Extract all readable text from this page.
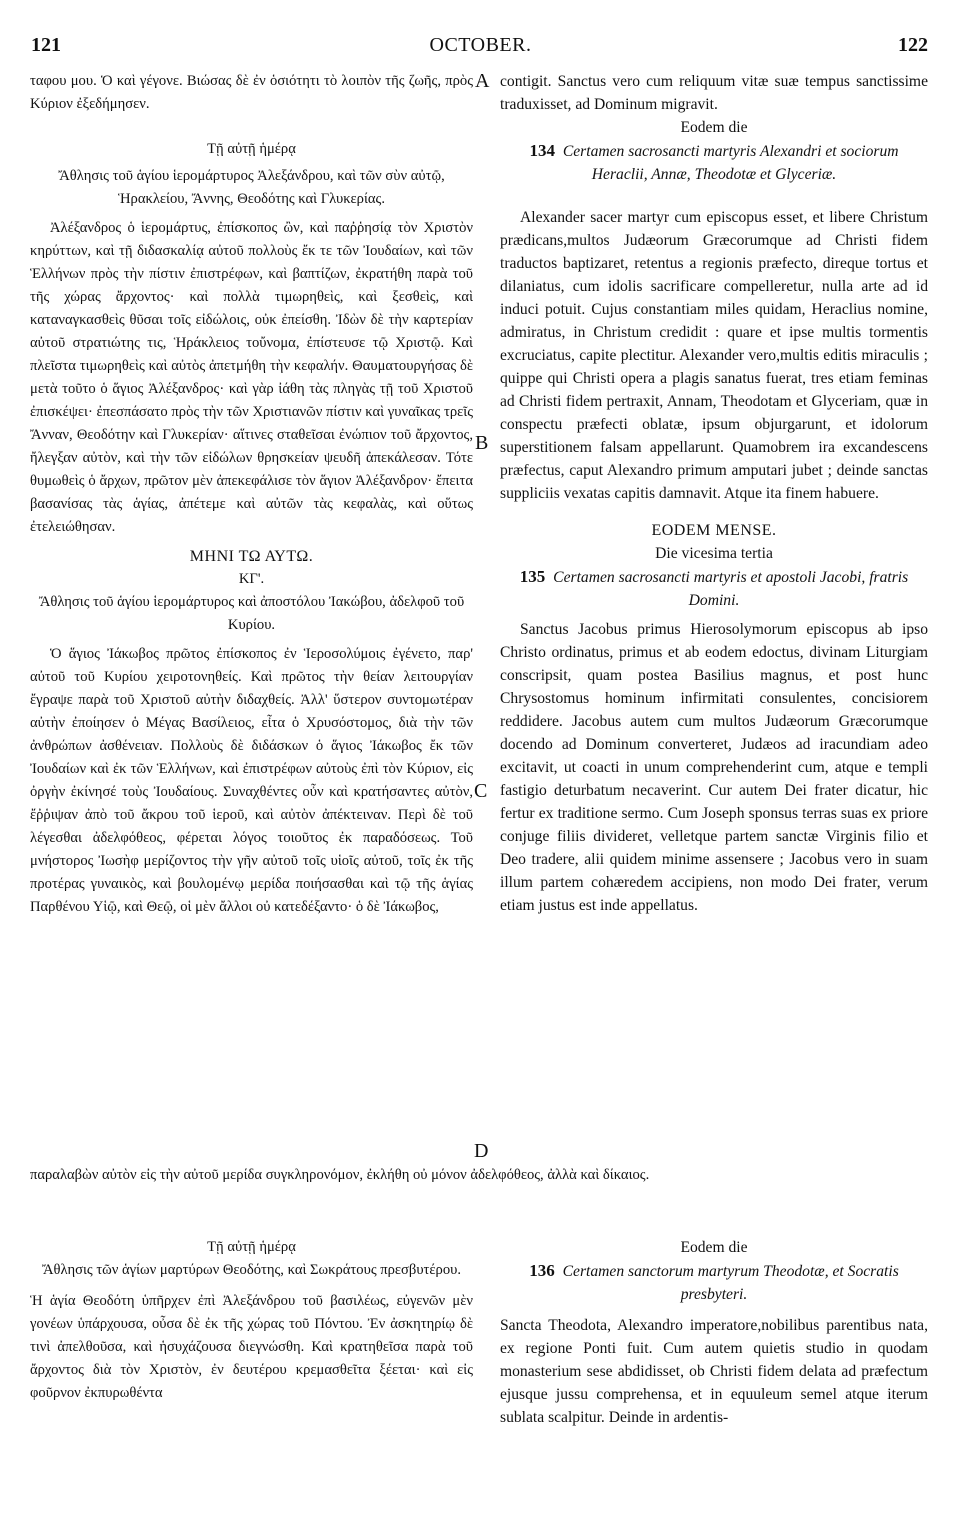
121	OCTOBER.	122
A
B
C
D

ταφου μου. Ὁ καὶ γέγονε. Βιώσας δὲ ἐν ὁσιότητι τὸ λοιπὸν τῆς ζωῆς, πρὸς Κύριον ἐξεδήμησεν.

Τῇ αὐτῇ ἡμέρᾳ
Ἄθλησις τοῦ ἁγίου ἱερομάρτυρος Ἀλεξάνδρου, καὶ τῶν σὺν αὐτῷ, Ἡρακλείου, Ἄννης, Θεοδότης καὶ Γλυκερίας.

Ἀλέξανδρος ὁ ἱερομάρτυς, ἐπίσκοπος ὢν, καὶ παῤῥησίᾳ τὸν Χριστὸν κηρύττων, καὶ τῇ διδασκαλίᾳ αὐτοῦ πολλοὺς ἔκ τε τῶν Ἰουδαίων, καὶ τῶν Ἑλλήνων πρὸς τὴν πίστιν ἐπιστρέφων, καὶ βαπτίζων, ἐκρατήθη παρὰ τοῦ τῆς χώρας ἄρχοντος· καὶ πολλὰ τιμωρηθεὶς, καὶ ξεσθεὶς, καὶ καταναγκασθεὶς θῦσαι τοῖς εἰδώλοις, οὐκ ἐπείσθη. Ἰδὼν δὲ τὴν καρτερίαν αὐτοῦ στρατιώτης τις, Ἡράκλειος τοὔνομα, ἐπίστευσε τῷ Χριστῷ. Καὶ πλεῖστα τιμωρηθεὶς καὶ αὐτὸς ἀπετμήθη τὴν κεφαλήν. Θαυματουργήσας δὲ μετὰ τοῦτο ὁ ἅγιος Ἀλέξανδρος· καὶ γὰρ ἰάθη τὰς πληγὰς τῇ τοῦ Χριστοῦ ἐπισκέψει· ἐπεσπάσατο πρὸς τὴν τῶν Χριστιανῶν πίστιν καὶ γυναῖκας τρεῖς Ἄνναν, Θεοδότην καὶ Γλυκερίαν· αἵτινες σταθεῖσαι ἐνώπιον τοῦ ἄρχοντος, ἤλεγξαν αὐτὸν, καὶ τὴν τῶν εἰδώλων θρησκείαν ψευδῆ ἀπεκάλεσαν. Τότε θυμωθεὶς ὁ ἄρχων, πρῶτον μὲν ἀπεκεφάλισε τὸν ἅγιον Ἀλέξανδρον· ἔπειτα βασανίσας τὰς ἁγίας, ἀπέτεμε καὶ αὐτῶν τὰς κεφαλὰς, καὶ οὕτως ἐτελειώθησαν.

ΜΗΝΙ ΤΩ ΑΥΤΩ.
ΚΓ'.
Ἄθλησις τοῦ ἁγίου ἱερομάρτυρος καὶ ἀποστόλου Ἰακώβου, ἀδελφοῦ τοῦ Κυρίου.

Ὁ ἅγιος Ἰάκωβος πρῶτος ἐπίσκοπος ἐν Ἱεροσολύμοις ἐγένετο, παρ' αὐτοῦ τοῦ Κυρίου χειροτονηθείς. Καὶ πρῶτος τὴν θείαν λειτουργίαν ἔγραψε παρὰ τοῦ Χριστοῦ αὐτὴν διδαχθείς. Ἀλλ' ὕστερον συντομωτέραν αὐτὴν ἐποίησεν ὁ Μέγας Βασίλειος, εἶτα ὁ Χρυσόστομος, διὰ τὴν τῶν ἀνθρώπων ἀσθένειαν. Πολλοὺς δὲ διδάσκων ὁ ἅγιος Ἰάκωβος ἔκ τῶν Ἰουδαίων καὶ ἐκ τῶν Ἑλλήνων, καὶ ἐπιστρέφων αὐτοὺς ἐπὶ τὸν Κύριον, εἰς ὀργὴν ἐκίνησέ τοὺς Ἰουδαίους. Συναχθέντες οὖν καὶ κρατήσαντες αὐτὸν, ἔῤῥιψαν ἀπὸ τοῦ ἄκρου τοῦ ἱεροῦ, καὶ αὐτὸν ἀπέκτειναν. Περὶ δὲ τοῦ λέγεσθαι ἀδελφόθεος, φέρεται λόγος τοιοῦτος ἐκ παραδόσεως. Τοῦ μνήστορος Ἰωσὴφ μερίζοντος τὴν γῆν αὐτοῦ τοῖς υἱοῖς αὐτοῦ, τοῖς ἐκ τῆς προτέρας γυναικὸς, καὶ βουλομένῳ μερίδα ποιήσασθαι καὶ τῷ τῆς ἁγίας Παρθένου Υἱῷ, καὶ Θεῷ, οἱ μὲν ἄλλοι οὐ κατεδέξαντο· ὁ δὲ Ἰάκωβος,

contigit. Sanctus vero cum reliquum vitæ suæ tempus sanctissime traduxisset, ad Dominum migravit.

Eodem die
134 Certamen sacrosancti martyris Alexandri et sociorum Heraclii, Annæ, Theodotæ et Glyceriæ.

Alexander sacer martyr cum episcopus esset, et libere Christum prædicans,multos Judæorum Græcorumque ad Christi fidem traductos baptizaret, retentus a regionis præfecto, direque tortus et dilaniatus, cum idolis sacrificare compelleretur, nulla arte ad id induci potuit. Cujus constantiam miles quidam, Heraclius nomine, admiratus, in Christum credidit : quare et ipse multis tormentis excruciatus, capite plectitur. Alexander vero,multis editis miraculis ; quippe qui Christi opera a plagis sanatus fuerat, tres etiam feminas ad Christi fidem pertraxit, Annam, Theodotam et Glyceriam, quæ in conspectu præfecti oblatæ, ipsum objurgarunt, et idolorum superstitionem falsam appellarunt. Quamobrem ira excandescens præfectus, caput Alexandro primum amputari jubet ; deinde sanctas suppliciis vexatas capitis damnavit. Atque ita finem habuere.

EODEM MENSE.
Die vicesima tertia
135 Certamen sacrosancti martyris et apostoli Jacobi, fratris Domini.

Sanctus Jacobus primus Hierosolymorum episcopus ab ipso Christo ordinatus, primus et ab eodem edoctus, divinam Liturgiam conscripsit, quam postea Basilius magnus, et post hunc Chrysostomus hominum infirmitati consulentes, concisiorem reddidere. Jacobus autem cum multos Judæorum Græcorumque docendo ad Dominum converteret, Judæos ad iracundiam adeo excitavit, ut coacti in unum comprehenderint cum, atque e templi fastigio deturbatum necaverint. Cur autem Dei frater dicatur, hic fertur ex traditione sermo. Cum Joseph sponsus terras suas ex priore conjuge filiis divideret, velletque partem sanctæ Virginis filio et Deo tradere, alii quidem minime assensere ; Jacobus vero in suam illum partem cohæredem accipiens, non modo Dei frater, verum etiam justus est inde appellatus.

παραλαβὼν αὐτὸν εἰς τὴν αὐτοῦ μερίδα συγκληρονόμον, ἐκλήθη οὐ μόνον ἀδελφόθεος, ἀλλὰ καὶ δίκαιος.

Τῇ αὐτῇ ἡμέρᾳ
Ἄθλησις τῶν ἁγίων μαρτύρων Θεοδότης, καὶ Σωκράτους πρεσβυτέρου.

Ἡ ἁγία Θεοδότη ὑπῆρχεν ἐπὶ Ἀλεξάνδρου τοῦ βασιλέως, εὐγενῶν μὲν γονέων ὑπάρχουσα, οὖσα δὲ ἐκ τῆς χώρας τοῦ Πόντου. Ἐν ἀσκητηρίῳ δὲ τινὶ ἀπελθοῦσα, καὶ ἡσυχάζουσα διεγνώσθη. Καὶ κρατηθεῖσα παρὰ τοῦ ἄρχοντος διὰ τὸν Χριστὸν, ἐν δευτέρου κρεμασθεῖτα ξέεται· καὶ εἰς φοῦρνον ἐκπυρωθέντα

Eodem die
136 Certamen sanctorum martyrum Theodotæ, et Socratis presbyteri.

Sancta Theodota, Alexandro imperatore,nobilibus parentibus nata, ex regione Ponti fuit. Cum autem quietis studio in quodam monasterium sese abdidisset, ob Christi fidem delata ad præfectum ejusque jussu comprehensa, et in equuleum semel atque iterum sublata scalpitur. Deinde in ardentis-
